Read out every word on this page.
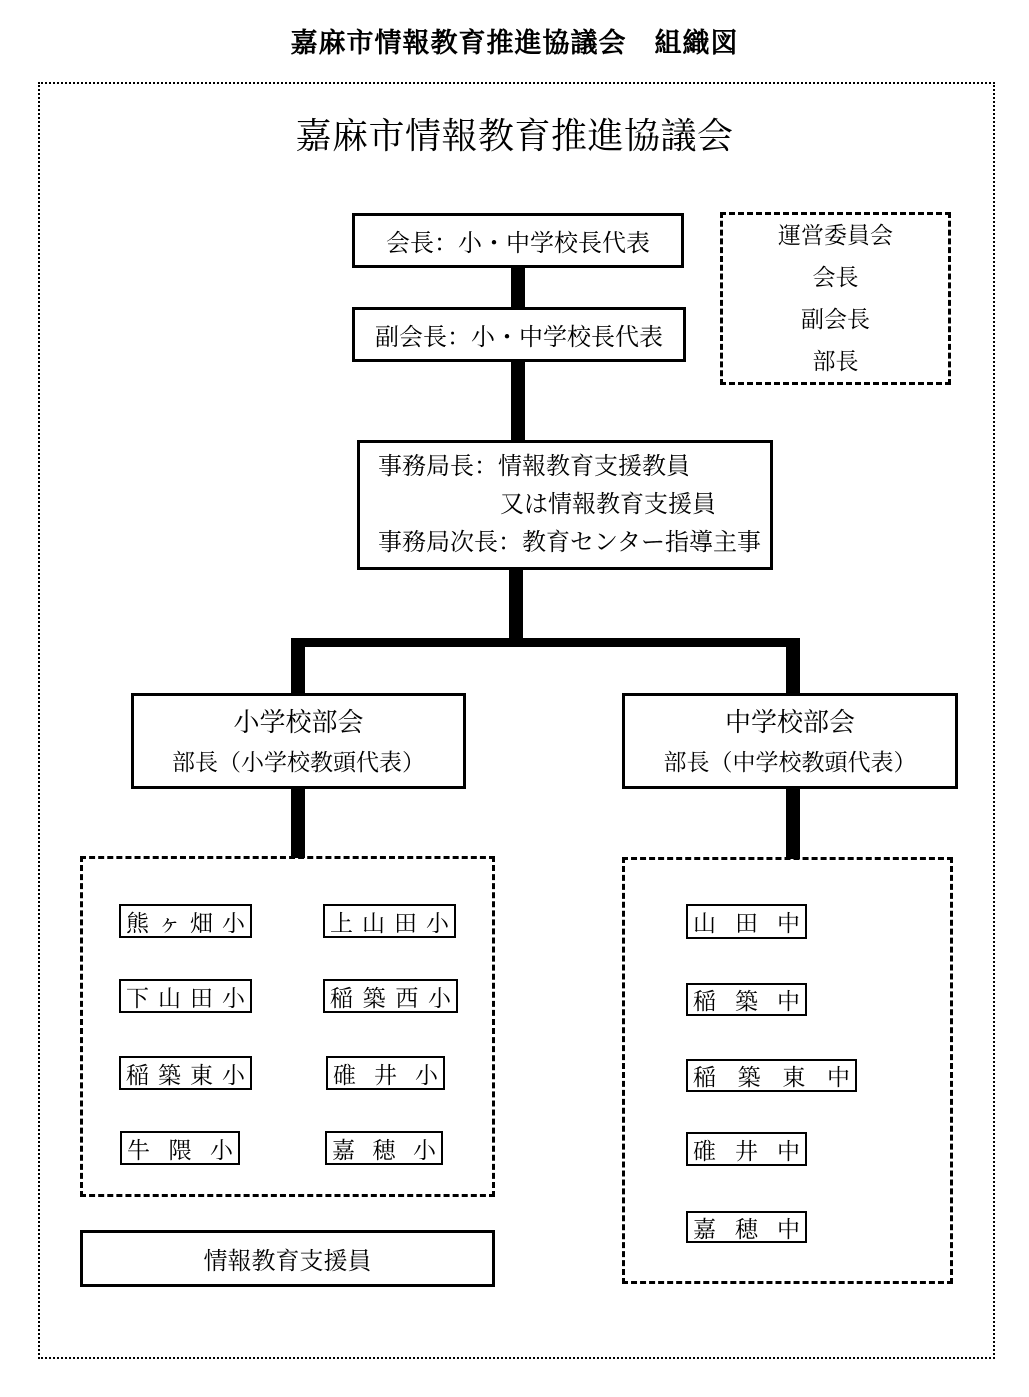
嘉麻市情報教育推進協議会　組織図
嘉麻市情報教育推進協議会
会長：小・中学校長代表	運営委員会
会長
副会長
部長
副会長：小・中学校長代表
事務局長：情報教育支援教員
又は情報教育支援員
事務局次長：教育センター指導主事
小学校部会
部長（小学校教頭代表）
中学校部会
部長（中学校教頭代表）
熊 ヶ 畑 小	上 山 田 小
下 山 田 小	稲 築 西 小
稲 築 東 小	碓 井 小
牛 隈 小	嘉 穂 小
山 田 中
稲 築 中
稲 築 東 中
碓 井 中
嘉 穂 中
情報教育支援員
